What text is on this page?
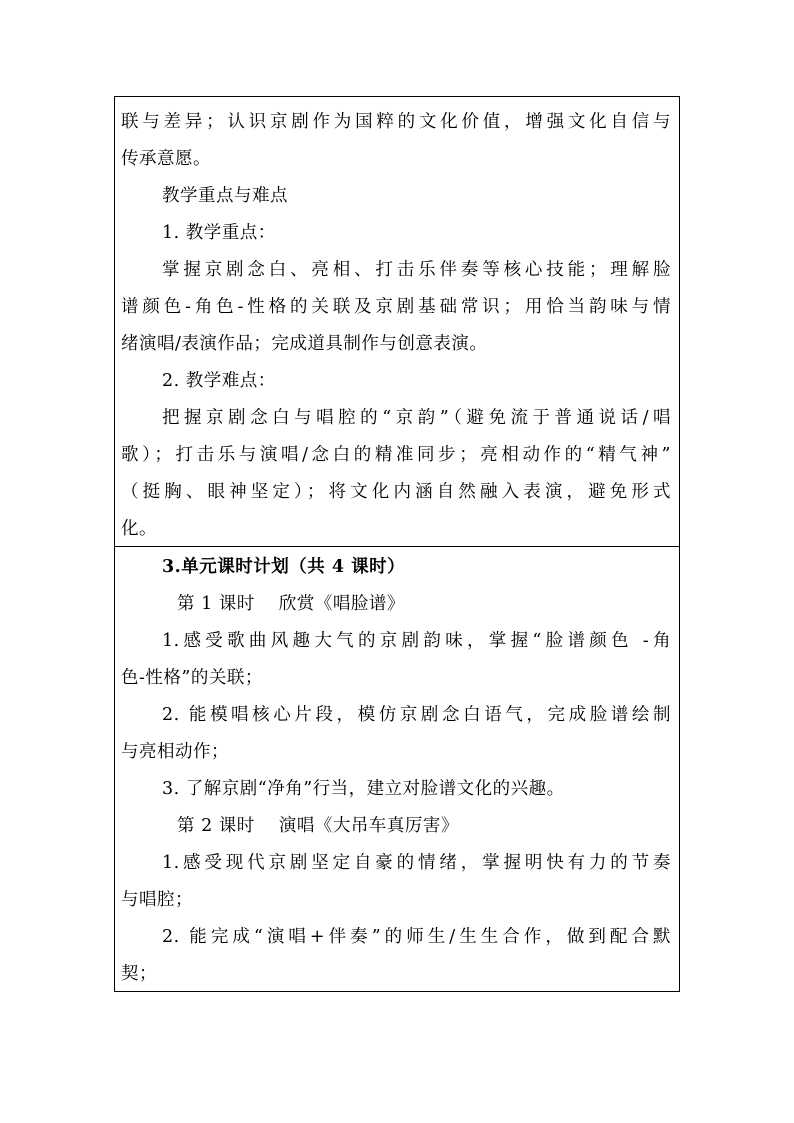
联与差异；认识京剧作为国粹的文化价值，增强文化自信与
传承意愿。
教学重点与难点
1. 教学重点：
掌握京剧念白、亮相、打击乐伴奏等核心技能；理解脸
谱颜色-角色-性格的关联及京剧基础常识；用恰当韵味与情
绪演唱/表演作品；完成道具制作与创意表演。
2. 教学难点：
把握京剧念白与唱腔的“京韵”（避免流于普通说话/唱
歌）；打击乐与演唱/念白的精准同步；亮相动作的“精气神”
（挺胸、眼神坚定）；将文化内涵自然融入表演，避免形式
化。
3.单元课时计划（共 4 课时）
第 1 课时　 欣赏《唱脸谱》
1.感受歌曲风趣大气的京剧韵味，掌握“脸谱颜色 -角
色-性格”的关联；
2. 能模唱核心片段，模仿京剧念白语气，完成脸谱绘制
与亮相动作；
3. 了解京剧“净角”行当，建立对脸谱文化的兴趣。
第 2 课时　 演唱《大吊车真厉害》
1.感受现代京剧坚定自豪的情绪，掌握明快有力的节奏
与唱腔；
2. 能完成“演唱+伴奏”的师生/生生合作，做到配合默
契；
